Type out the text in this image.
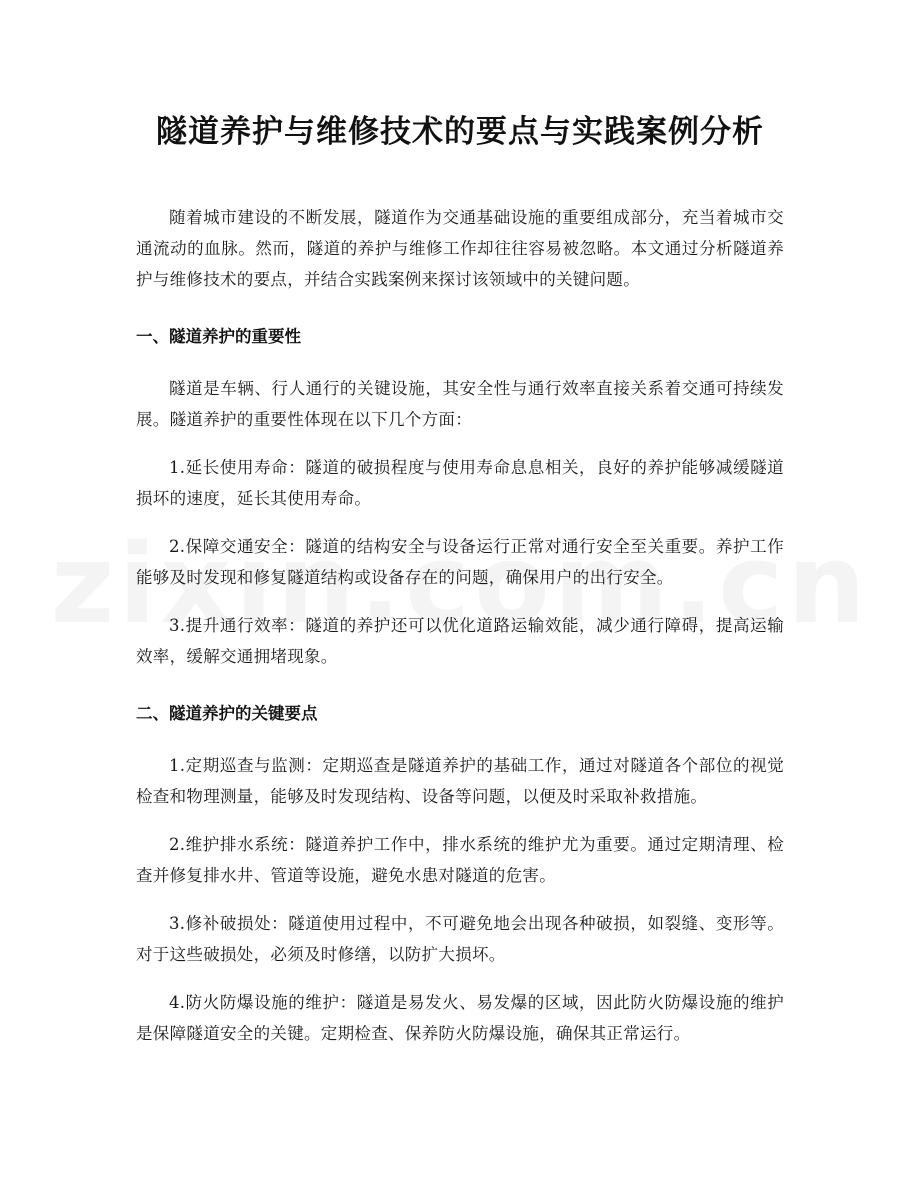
隧道养护与维修技术的要点与实践案例分析

随着城市建设的不断发展，隧道作为交通基础设施的重要组成部分，充当着城市交通流动的血脉。然而，隧道的养护与维修工作却往往容易被忽略。本文通过分析隧道养护与维修技术的要点，并结合实践案例来探讨该领域中的关键问题。

一、隧道养护的重要性

隧道是车辆、行人通行的关键设施，其安全性与通行效率直接关系着交通可持续发展。隧道养护的重要性体现在以下几个方面：

1.延长使用寿命：隧道的破损程度与使用寿命息息相关，良好的养护能够减缓隧道损坏的速度，延长其使用寿命。

2.保障交通安全：隧道的结构安全与设备运行正常对通行安全至关重要。养护工作能够及时发现和修复隧道结构或设备存在的问题，确保用户的出行安全。

3.提升通行效率：隧道的养护还可以优化道路运输效能，减少通行障碍，提高运输效率，缓解交通拥堵现象。

二、隧道养护的关键要点

1.定期巡查与监测：定期巡查是隧道养护的基础工作，通过对隧道各个部位的视觉检查和物理测量，能够及时发现结构、设备等问题，以便及时采取补救措施。

2.维护排水系统：隧道养护工作中，排水系统的维护尤为重要。通过定期清理、检查并修复排水井、管道等设施，避免水患对隧道的危害。

3.修补破损处：隧道使用过程中，不可避免地会出现各种破损，如裂缝、变形等。对于这些破损处，必须及时修缮，以防扩大损坏。

4.防火防爆设施的维护：隧道是易发火、易发爆的区域，因此防火防爆设施的维护是保障隧道安全的关键。定期检查、保养防火防爆设施，确保其正常运行。
